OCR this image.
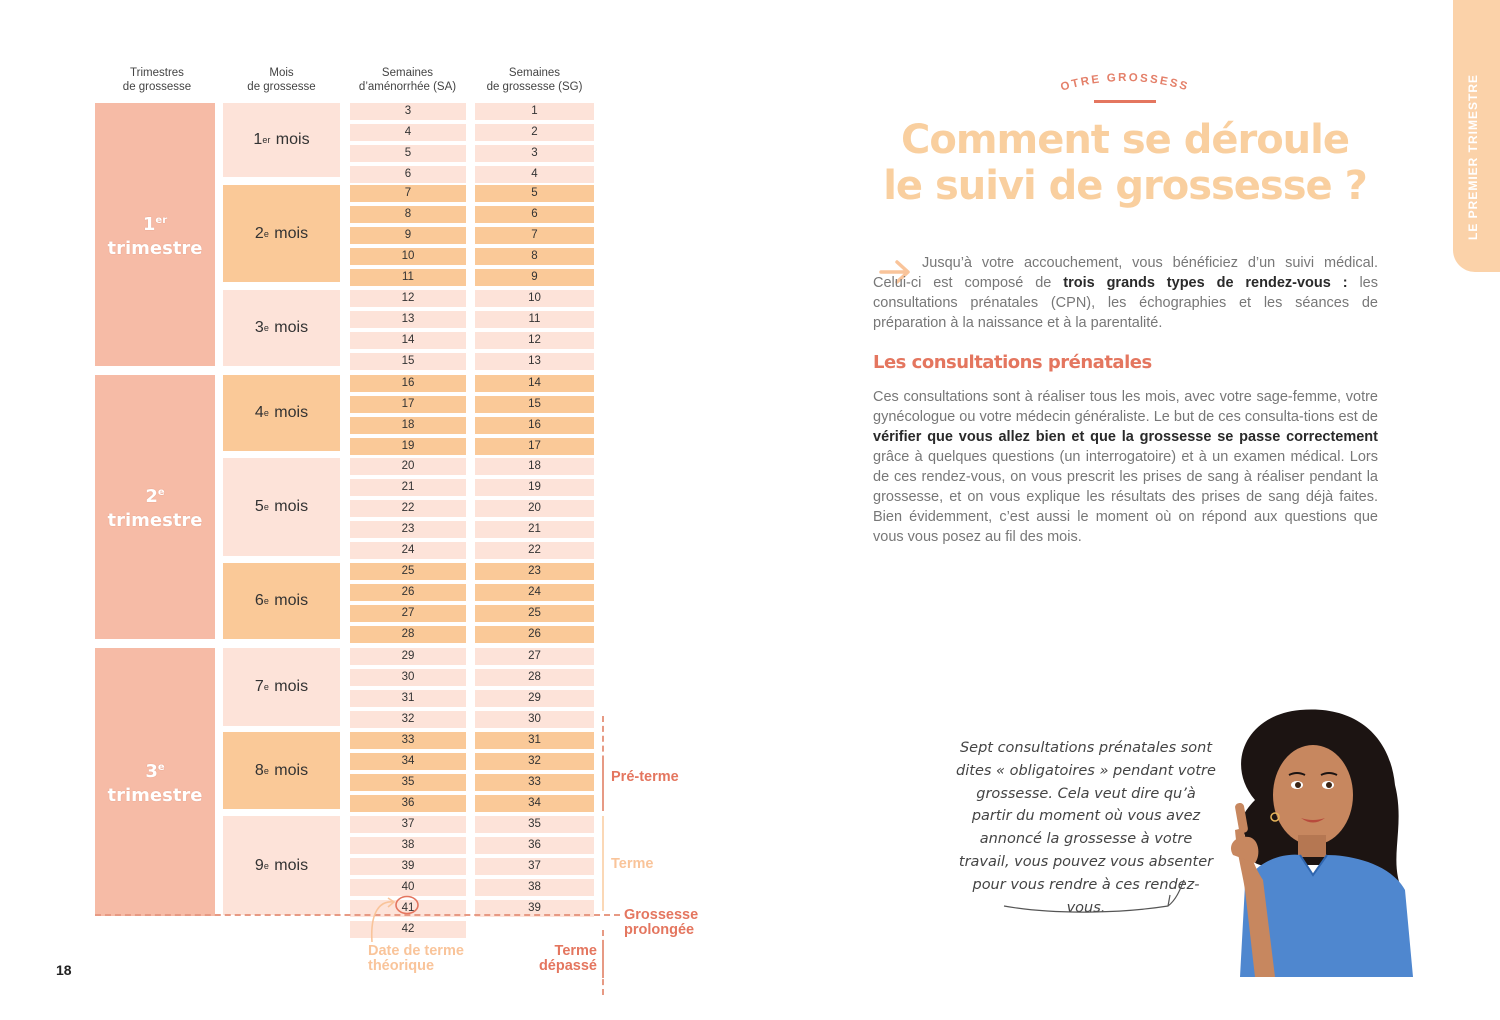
Trimestres
de grossesse
Mois
de grossesse
Semaines
d’aménorrhée (SA)
Semaines
de grossesse (SG)
1er
trimestre
2e
trimestre
3e
trimestre
1 er
mois
2 e
mois
3 e
mois
4 e
mois
5 e
mois
6 e
mois
7 e
mois
8 e
mois
9 e
mois
3
4
5
6
1
2
3
4
7
8
9
10
11
5
6
7
8
9
12
13
14
15
10
11
12
13
16
17
18
19
14
15
16
17
20
21
22
23
24
18
19
20
21
22
25
26
27
28
23
24
25
26
29
30
31
32
27
28
29
30
33
34
35
36
31
32
33
34
37
38
39
40
41
42
35
36
37
38
39
Pré-terme
Terme
Grossesse
prolongée
Date de terme
théorique
Terme
dépassé
18
LE PREMIER TRIMESTRE
OTRE GROSSESS
Comment se déroule
le suivi de grossesse ?
Jusqu’à votre accouchement, vous bénéficiez d’un suivi médical. Celui-ci est composé de trois grands types de rendez-vous : les consultations prénatales (CPN), les échographies et les séances de préparation à la naissance et à la parentalité.
Les consultations prénatales
Ces consultations sont à réaliser tous les mois, avec votre sage-femme, votre gynécologue ou votre médecin généraliste. Le but de ces consulta-tions est de vérifier que vous allez bien et que la grossesse se passe correctement grâce à quelques questions (un interrogatoire) et à un examen médical. Lors de ces rendez-vous, on vous prescrit les prises de sang à réaliser pendant la grossesse, et on vous explique les résultats des prises de sang déjà faites. Bien évidemment, c’est aussi le moment où on répond aux questions que vous vous posez au fil des mois.
Sept consultations prénatales sont dites « obligatoires » pendant votre grossesse. Cela veut dire qu’à partir du moment où vous avez annoncé la grossesse à votre travail, vous pouvez vous absenter pour vous rendre à ces rendez-vous.
